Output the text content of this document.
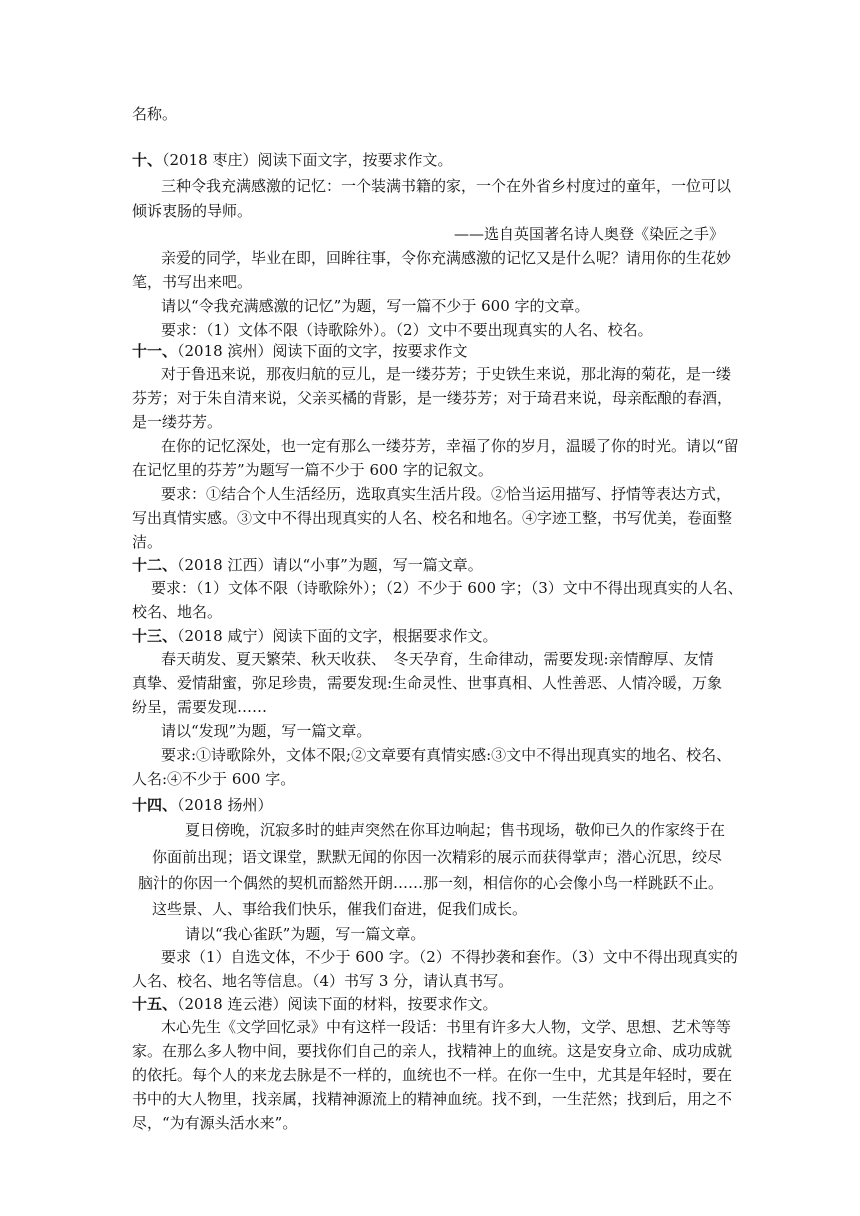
名称。
十、（2018 枣庄）阅读下面文字，按要求作文。
三种令我充满感激的记忆：一个装满书籍的家，一个在外省乡村度过的童年，一位可以
倾诉衷肠的导师。
——选自英国著名诗人奥登《染匠之手》
亲爱的同学，毕业在即，回眸往事，令你充满感激的记忆又是什么呢？请用你的生花妙
笔，书写出来吧。
请以“令我充满感激的记忆”为题，写一篇不少于 600 字的文章。
要求：（1）文体不限（诗歌除外）。（2）文中不要出现真实的人名、校名。
十一、（2018 滨州）阅读下面的文字，按要求作文
对于鲁迅来说，那夜归航的豆儿，是一缕芬芳；于史铁生来说，那北海的菊花，是一缕
芬芳；对于朱自清来说，父亲买橘的背影，是一缕芬芳；对于琦君来说，母亲酝酿的春酒，
是一缕芬芳。
在你的记忆深处，也一定有那么一缕芬芳，幸福了你的岁月，温暖了你的时光。请以“留
在记忆里的芬芳”为题写一篇不少于 600 字的记叙文。
要求：①结合个人生活经历，选取真实生活片段。②恰当运用描写、抒情等表达方式，
写出真情实感。③文中不得出现真实的人名、校名和地名。④字迹工整，书写优美，卷面整
洁。
十二、（2018 江西）请以“小事”为题，写一篇文章。
要求：（1）文体不限（诗歌除外）；（2）不少于 600 字；（3）文中不得出现真实的人名、
校名、地名。
十三、（2018 咸宁）阅读下面的文字，根据要求作文。
春天萌发、夏天繁荣、秋天收获、　冬天孕育，生命律动，需要发现:亲情醇厚、友情
真挚、爱情甜蜜，弥足珍贵，需要发现:生命灵性、世事真相、人性善恶、人情冷暖，万象
纷呈，需要发现……
请以“发现”为题，写一篇文章。
要求:①诗歌除外，文体不限;②文章要有真情实感:③文中不得出现真实的地名、校名、
人名:④不少于 600 字。
十四、（2018 扬州）
夏日傍晚，沉寂多时的蛙声突然在你耳边响起；售书现场，敬仰已久的作家终于在
你面前出现；语文课堂，默默无闻的你因一次精彩的展示而获得掌声；潜心沉思，绞尽
脑汁的你因一个偶然的契机而豁然开朗……那一刻，相信你的心会像小鸟一样跳跃不止。
这些景、人、事给我们快乐，催我们奋进，促我们成长。
请以“我心雀跃”为题，写一篇文章。
要求（1）自选文体，不少于 600 字。（2）不得抄袭和套作。（3）文中不得出现真实的
人名、校名、地名等信息。（4）书写 3 分，请认真书写。
十五、（2018 连云港）阅读下面的材料，按要求作文。
木心先生《文学回忆录》中有这样一段话：书里有许多大人物，文学、思想、艺术等等
家。在那么多人物中间，要找你们自己的亲人，找精神上的血统。这是安身立命、成功成就
的依托。每个人的来龙去脉是不一样的，血统也不一样。在你一生中，尤其是年轻时，要在
书中的大人物里，找亲属，找精神源流上的精神血统。找不到，一生茫然；找到后，用之不
尽，“为有源头活水来”。
